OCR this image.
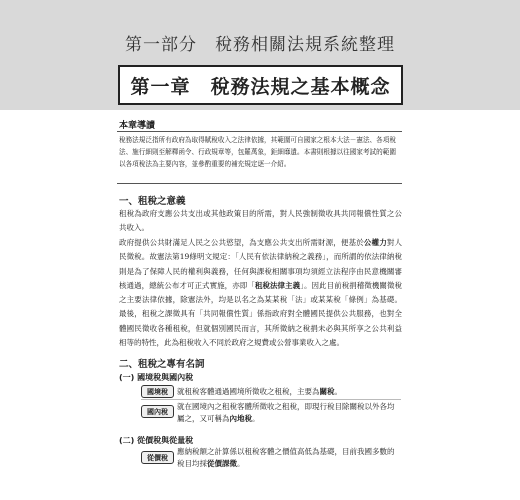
第一部分　稅務相關法規系統整理
第一章　稅務法規之基本概念
本章導讀
稅務法規泛指所有政府為取得賦稅收入之法律依據，其範圍可自國家之根本大法－憲法、各項稅法、施行細則至解釋函令、行政規章等，包羅萬象，鉅細靡遺。本書則根據以往國家考試的範圍以各項稅法為主要內容，並參酌重要的補充規定逐一介紹。
一、租稅之意義
租稅為政府支應公共支出或其他政策目的所需，對人民強制徵收具共同報償性質之公共收入。
政府提供公共財滿足人民之公共慾望，為支應公共支出所需財源，便基於公權力對人民徵稅。故憲法第19條明文規定：「人民有依法律納稅之義務」，而所謂的依法律納稅則是為了保障人民的權利與義務，任何與課稅相關事項均須經立法程序由民意機關審核通過，總統公布才可正式實施，亦即「租稅法律主義」。因此目前稅捐稽徵機關徵稅之主要法律依據，除憲法外，均是以名之為某某稅「法」或某某稅「條例」為基礎。最後，租稅之課徵具有「共同報償性質」係指政府對全體國民提供公共服務，也對全體國民徵收各種租稅，但就個別國民而言，其所徵納之稅捐未必與其所享之公共利益相等的特性，此為租稅收入不同於政府之規費或公營事業收入之處。
二、租稅之專有名詞
(一) 國境稅與國內稅
國境稅	就租稅客體通過國境所徵收之租稅，主要為關稅。
國內稅
就在國境內之租稅客體所徵收之租稅，即現行稅目除關稅以外各均屬之，又可稱為內地稅。
(二) 從價稅與從量稅
從價稅
應納稅額之計算係以租稅客體之價值高低為基礎，目前我國多數的稅目均採從價課徵。
